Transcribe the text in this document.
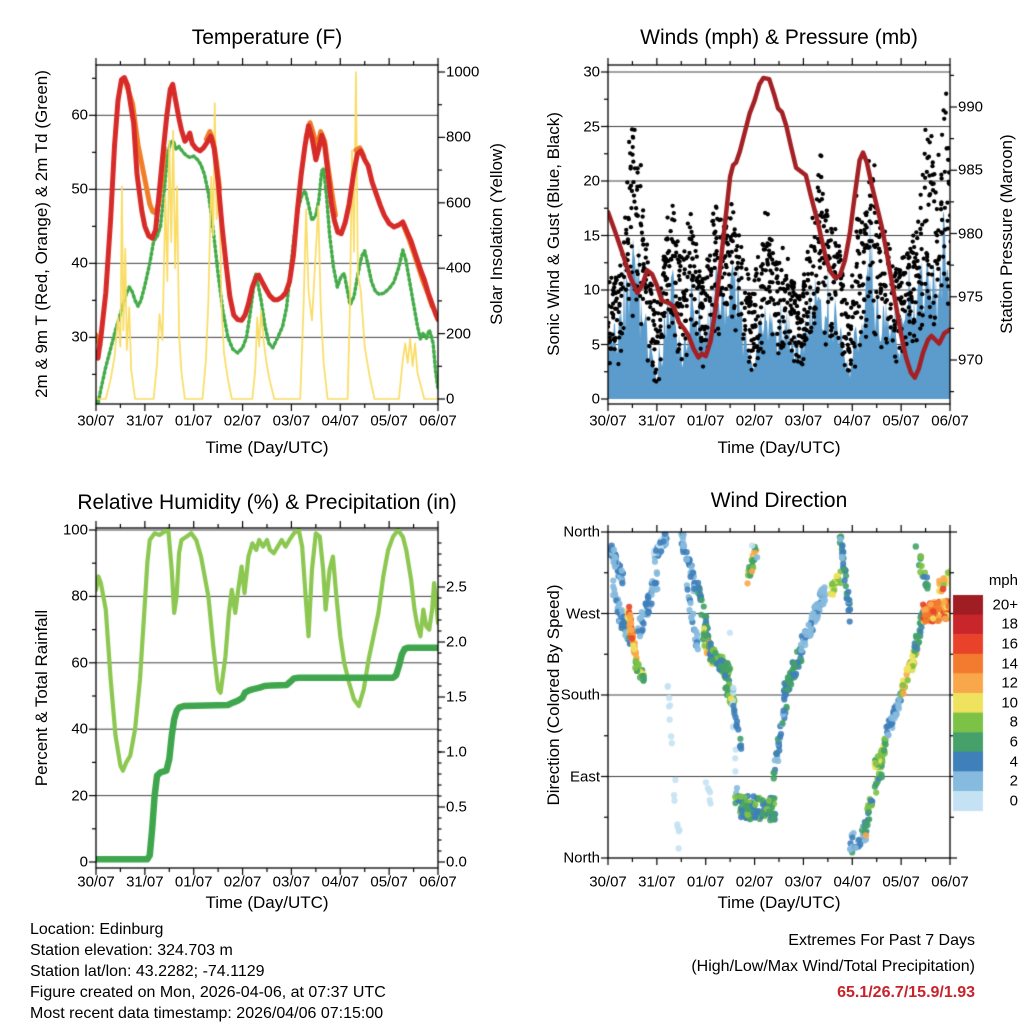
Temperature (F)	Winds (mph) & Pressure (mb)
Relative Humidity (%) & Precipitation (in)	Wind Direction
2m & 9m T (Red, Orange) & 2m Td (Green)	Solar Insolation (Yellow) Sonic Wind & Gust (Blue, Black)	Station Pressure (Maroon)
Percent & Total Rainfall	Direction (Colored By Speed)
Time (Day/UTC)	Time (Day/UTC)
Time (Day/UTC)	Time (Day/UTC)
mph
Location: Edinburg
Station elevation: 324.703 m
Station lat/lon: 43.2282; -74.1129
Figure created on Mon, 2026-04-06, at 07:37 UTC
Most recent data timestamp: 2026/04/06 07:15:00
Extremes For Past 7 Days
(High/Low/Max Wind/Total Precipitation)
65.1/26.7/15.9/1.93
30/07 31/07 01/07 02/07 03/07 04/07 05/07 06/07	30/07 31/07 01/07 02/07 03/07 04/07 05/07 06/07
30/07 31/07 01/07 02/07 03/07 04/07 05/07 06/07	30/07 31/07 01/07 02/07 03/07 04/07 05/07 06/07
30
40
50
60
0
200
400
600
800
1000
0
5
10
15
20
25
30
970
975
980
985
990
0
20
40
60
80
100
0.0
0.5
1.0
1.5
2.0
2.5
North
West
South
East
North
20+
18
16
14
12
10
8
6
4
2
0
